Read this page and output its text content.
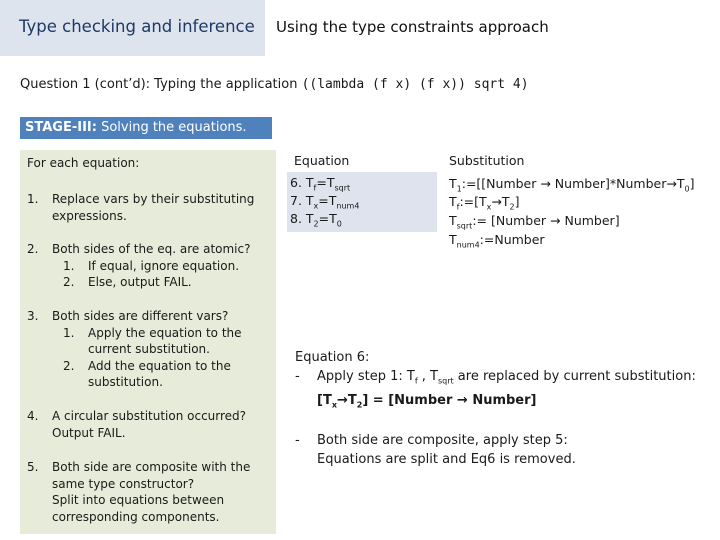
Type checking and inference Using the type constraints approach
Question 1 (cont’d): Typing the application ((lambda (f x) (f x)) sqrt 4)
STAGE-III: Solving the equations.
For each equation:
1. Replace vars by their substituting
expressions.
2. Both sides of the eq. are atomic?
1. If equal, ignore equation.
2. Else, output FAIL.
3. Both sides are different vars?
1. Apply the equation to the
current substitution.
2. Add the equation to the
substitution.
4. A circular substitution occurred?
Output FAIL.
5. Both side are composite with the
same type constructor?
Split into equations between
corresponding components.
Equation	Substitution
6. $T_f=T_{sqrt}$
7. $T_x=T_{num4}$
8. $T_2=T_0$
$T_1:=[[Number$ → $Number]*Number\to T_0$]
$T_f:=[T_x\to T_2]$
$T_{sqrt}:=$ [Number → Number]
$T_{num4}:=Number$
Equation 6:
- Apply step 1: $T_f$ , $T_{sqrt}$ are replaced by current substitution:
$[T_x\to T_2]$ = [Number → Number]
- Both side are composite, apply step 5:
Equations are split and Eq6 is removed.
